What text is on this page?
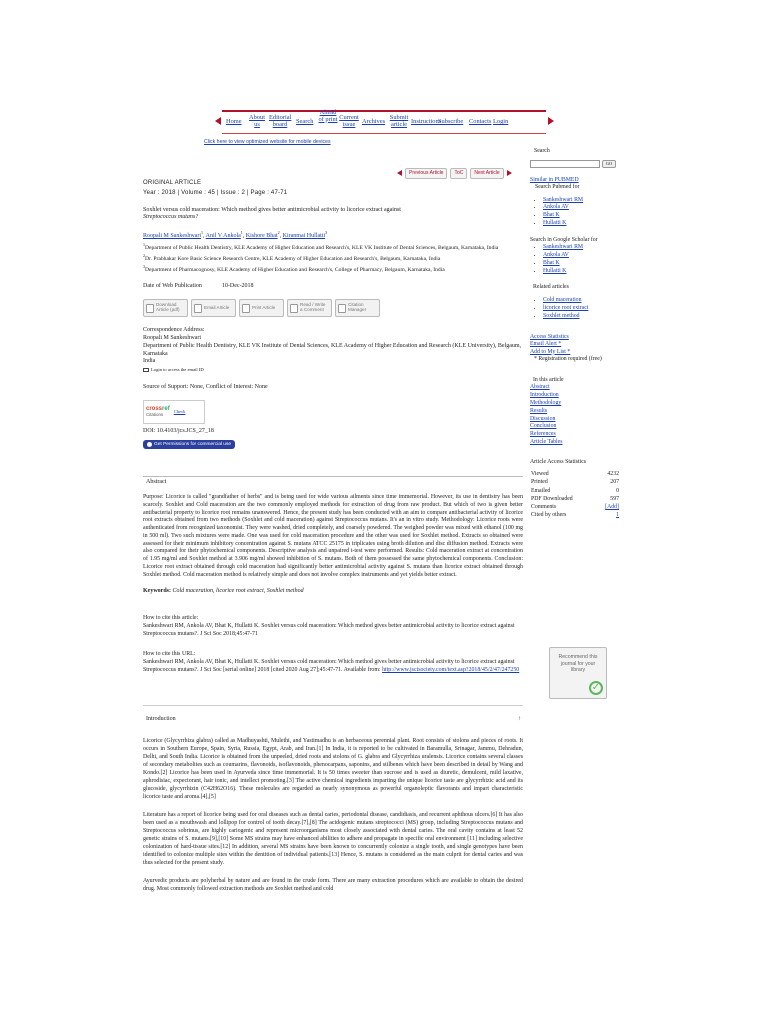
Home
About us
Editorial board	Search
Ahead of print Current issue	Archives
Submit article Instructions
Subscribe Contacts Login
Click here to view optimized website for mobile devices
Previous Article	ToC	Next Article
ORIGINAL ARTICLE
Year : 2018 | Volume : 45 | Issue : 2 | Page : 47-71
Soxhlet versus cold maceration: Which method gives better antimicrobial activity to licorice extract against
Streptococcus mutans?
Roopali M Sankeshwari$^1$, Anil V Ankola$^1$, Kishore Bhat$^2$, Kiranmai Hullatti$^3$
$^1$Department of Public Health Dentistry, KLE Academy of Higher Education and Research's, KLE VK Institute of Dental Sciences, Belgaum, Karnataka, India
$^2$Dr. Prabhakar Kore Basic Science Research Centre, KLE Academy of Higher Education and Research's, Belgaum, Karnataka, India
$^3$Department of Pharmacognosy, KLE Academy of Higher Education and Research's, College of Pharmacy, Belgaum, Karnataka, India
Date of Web Publication	10-Dec-2018
Download Article (pdf)	Email Article	Print Article	Read / Write a Comment
Citation Manager
Correspondence Address:
Roopali M Sankeshwari
Department of Public Health Dentistry, KLE VK Institute of Dental Sciences, KLE Academy of Higher Education and Research (KLE University), Belgaum, Karnataka
India
Login to access the email ID
Source of Support: None, Conflict of Interest: None
crossref
Citations
Check
DOI: 10.4103/jcs.JCS_27_18
Get Permissions for commercial use
Abstract
Purpose: Licorice is called "grandfather of herbs" and is being used for wide various ailments since time immemorial. However, its use in dentistry has been scarcely. Soxhlet and Cold maceration are the two commonly employed methods for extraction of drug from raw product. But which of two is given better antibacterial property to licorice root remains unanswered. Hence, the present study has been conducted with an aim to compare antibacterial activity of licorice root extracts obtained from two methods (Soxhlet and cold maceration) against Streptococcus mutans. It's an in vitro study. Methodology: Licorice roots were authenticated from recognized taxonomist. They were washed, dried completely, and coarsely powdered. The weighed powder was mixed with ethanol (100 mg in 500 ml). Two such mixtures were made. One was used for cold maceration procedure and the other was used for Soxhlet method. Extracts so obtained were assessed for their minimum inhibitory concentration against S. mutans ATCC 25175 in triplicates using broth dilution and disc diffusion method. Extracts were also compared for their phytochemical components. Descriptive analysis and unpaired t-test were performed. Results: Cold maceration extract at concentration of 1.95 mg/ml and Soxhlet method at 3.906 mg/ml showed inhibition of S. mutans. Both of them possessed the same phytochemical components. Conclusion: Licorice root extract obtained through cold maceration had significantly better antimicrobial activity against S. mutans than licorice extract obtained through Soxhlet method. Cold maceration method is relatively simple and does not involve complex instruments and yet yields better extract.
Keywords: Cold maceration, licorice root extract, Soxhlet method
How to cite this article:
Sankeshwari RM, Ankola AV, Bhat K, Hullatti K. Soxhlet versus cold maceration: Which method gives better antimicrobial activity to licorice extract against Streptococcus mutans?. J Sci Soc 2018;45:47-71
How to cite this URL:
Sankeshwari RM, Ankola AV, Bhat K, Hullatti K. Soxhlet versus cold maceration: Which method gives better antimicrobial activity to licorice extract against Streptococcus mutans?. J Sci Soc [serial online] 2018 [cited 2020 Aug 27];45:47-71. Available from: http://www.jscisociety.com/text.asp?2018/45/2/47/247250
Introduction	↑
Licorice (Glycyrrhiza glabra) called as Madhuyashti, Mulethi, and Yastimadhu is an herbaceous perennial plant. Root consists of stolons and pieces of roots. It occurs in Southern Europe, Spain, Syria, Russia, Egypt, Arab, and Iran.[1] In India, it is reported to be cultivated in Baramulla, Srinagar, Jammu, Dehradun, Delhi, and South India. Licorice is obtained from the unpeeled, dried roots and stolons of G. glabra and Glycyrrhiza uralensis. Licorice contains several classes of secondary metabolites such as coumarins, flavonoids, isoflavonoids, phenocarpans, saponins, and stilbenes which have been described in detail by Wang and Kondo.[2] Licorice has been used in Ayurveda since time immemorial. It is 50 times sweeter than sucrose and is used as diuretic, demulcent, mild laxative, aphrodisiac, expectorant, hair tonic, and intellect promoting.[3] The active chemical ingredients imparting the unique licorice taste are glycyrrhizic acid and its glucoside, glycyrrhizin (C42H62O16). These molecules are regarded as nearly synonymous as powerful organoleptic flavorants and impart characteristic licorice taste and aroma.[4],[5]
Literature has a report of licorice being used for oral diseases such as dental caries, periodontal disease, candidiasis, and recurrent aphthous ulcers.[6] It has also been used as a mouthwash and lollipop for control of tooth decay.[7],[8] The acidogenic mutans streptococci (MS) group, including Streptococcus mutans and Streptococcus sobrinus, are highly cariogenic and represent microorganisms most closely associated with dental caries. The oral cavity contains at least 52 genetic strains of S. mutans.[9],[10] Some MS strains may have enhanced abilities to adhere and propagate in specific oral environment [11] including selective colonization of hard-tissue sites.[12] In addition, several MS strains have been known to concurrently colonize a single tooth, and single genotypes have been identified to colonize multiple sites within the dentition of individual patients.[13] Hence, S. mutans is considered as the main culprit for dental caries and was thus selected for the present study.
Ayurvedic products are polyherbal by nature and are found in the crude form. There are many extraction procedures which are available to obtain the desired drug. Most commonly followed extraction methods are Soxhlet method and cold
Search
GO
Similar in PUBMED
Search Pubmed for
• Sankeshwari RM
• Ankola AV
• Bhat K
• Hullatti K
Search in Google Scholar for
• Sankeshwari RM
• Ankola AV
• Bhat K
• Hullatti K
Related articles
• Cold maceration
• licorice root extract
• Soxhlet method
Access Statistics
Email Alert *
Add to My List *
* Registration required (free)
In this article
Abstract
Introduction
Methodology
Results
Discussion
Conclusion
References
Article Tables
Article Access Statistics
Viewed	4232
Printed	207
Emailed	0
PDF Downloaded	597
Comments	[Add]
Cited by others	1
Recommend this journal for your library
✓
